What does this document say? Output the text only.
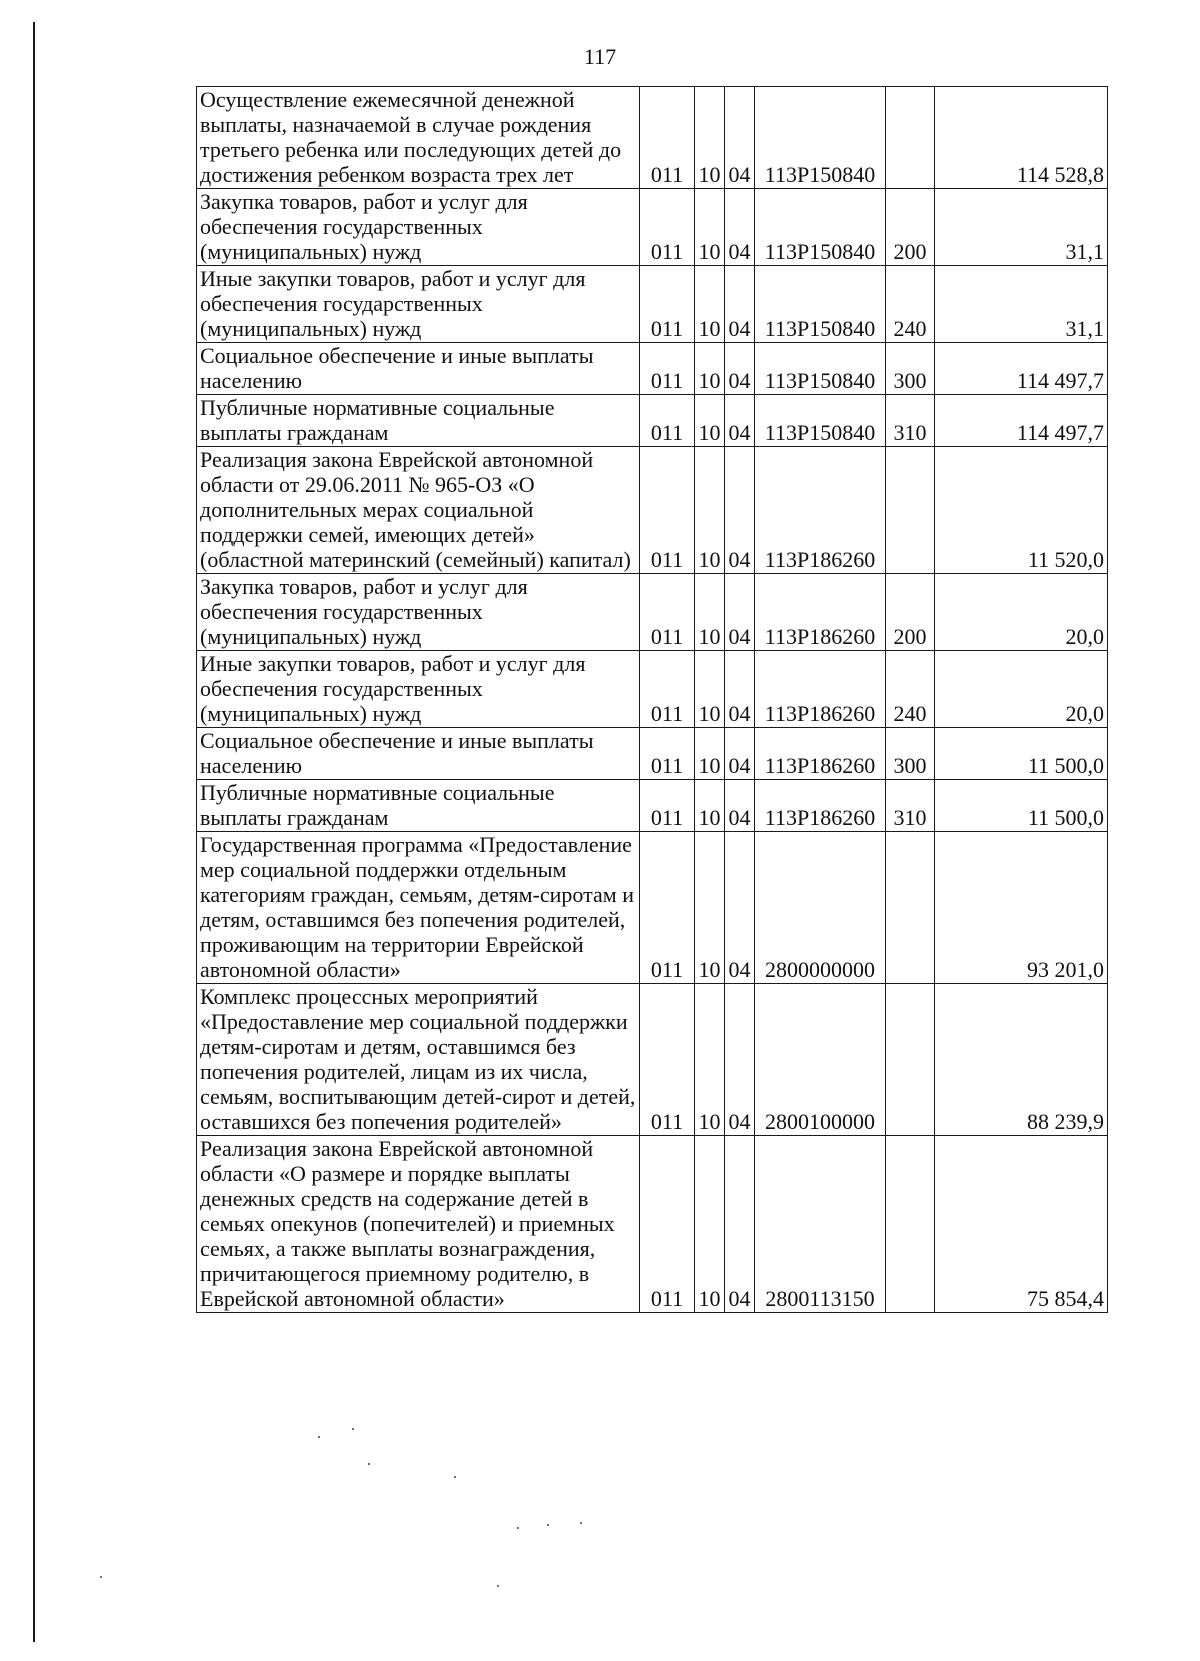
117
Осуществление ежемесячной денежной выплаты, назначаемой в случае рождения третьего ребенка или последующих детей до достижения ребенком возраста трех лет	011	10	04	113Р150840		114 528,8
Закупка товаров, работ и услуг для обеспечения государственных (муниципальных) нужд	011	10	04	113Р150840	200	31,1
Иные закупки товаров, работ и услуг для обеспечения государственных (муниципальных) нужд	011	10	04	113Р150840	240	31,1
Социальное обеспечение и иные выплаты населению	011	10	04	113Р150840	300	114 497,7
Публичные нормативные социальные выплаты гражданам	011	10	04	113Р150840	310	114 497,7
Реализация закона Еврейской автономной области от 29.06.2011 № 965-ОЗ «О дополнительных мерах социальной поддержки семей, имеющих детей» (областной материнский (семейный) капитал)	011	10	04	113Р186260		11 520,0
Закупка товаров, работ и услуг для обеспечения государственных (муниципальных) нужд	011	10	04	113Р186260	200	20,0
Иные закупки товаров, работ и услуг для обеспечения государственных (муниципальных) нужд	011	10	04	113Р186260	240	20,0
Социальное обеспечение и иные выплаты населению	011	10	04	113Р186260	300	11 500,0
Публичные нормативные социальные выплаты гражданам	011	10	04	113Р186260	310	11 500,0
Государственная программа «Предоставление мер социальной поддержки отдельным категориям граждан, семьям, детям-сиротам и детям, оставшимся без попечения родителей, проживающим на территории Еврейской автономной области»	011	10	04	2800000000		93 201,0
Комплекс процессных мероприятий «Предоставление мер социальной поддержки детям-сиротам и детям, оставшимся без попечения родителей, лицам из их числа, семьям, воспитывающим детей-сирот и детей, оставшихся без попечения родителей»	011	10	04	2800100000		88 239,9
Реализация закона Еврейской автономной области «О размере и порядке выплаты денежных средств на содержание детей в семьях опекунов (попечителей) и приемных семьях, а также выплаты вознаграждения, причитающегося приемному родителю, в Еврейской автономной области»	011	10	04	2800113150		75 854,4
